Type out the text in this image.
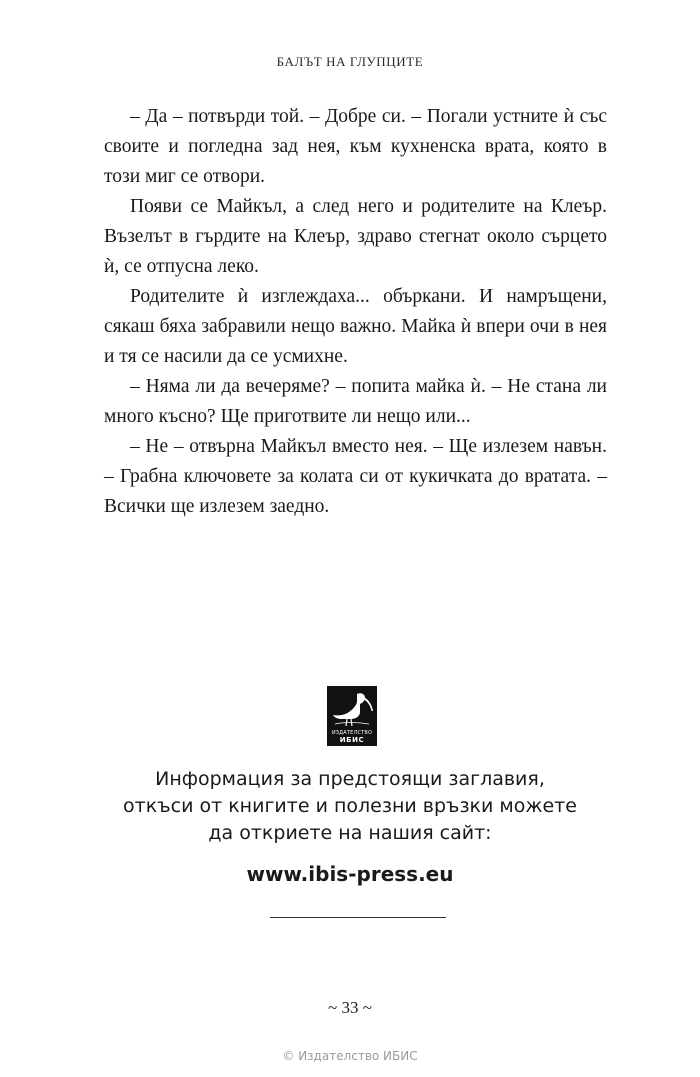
БАЛЪТ НА ГЛУПЦИТЕ

– Да – потвърди той. – Добре си. – Погали устните ѝ със своите и погледна зад нея, към кухненска врата, която в този миг се отвори.

Появи се Майкъл, а след него и родителите на Клеър. Възелът в гърдите на Клеър, здраво стегнат около сърцето ѝ, се отпусна леко.

Родителите ѝ изглеждаха... объркани. И намръщени, сякаш бяха забравили нещо важно. Майка ѝ впери очи в нея и тя се насили да се усмихне.

– Няма ли да вечеряме? – попита майка ѝ. – Не стана ли много късно? Ще приготвите ли нещо или...

– Не – отвърна Майкъл вместо нея. – Ще излезем навън. – Грабна ключовете за колата си от кукичката до вратата. – Всички ще излезем заедно.

ИЗДАТЕЛСТВО
ИБИС
Информация за предстоящи заглавия,
откъси от книгите и полезни връзки можете
да откриете на нашия сайт:
www.ibis-press.eu
~ 33 ~
© Издателство ИБИС
